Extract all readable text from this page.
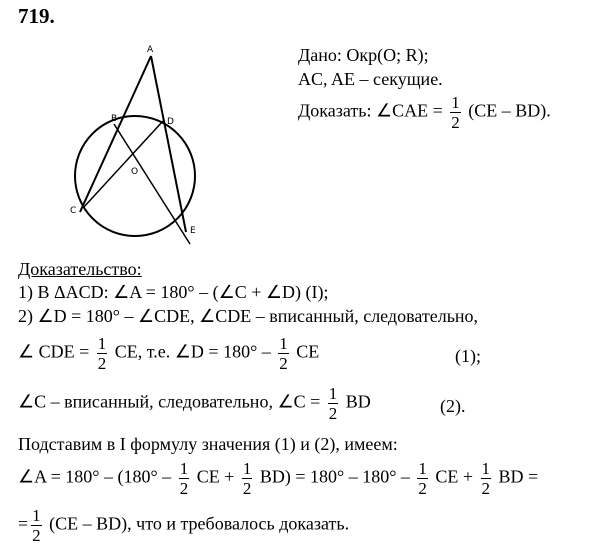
719.
A
B	D
O
C
E
Дано: Окр(O; R);
AC, AE – секущие.
Доказать: ∠CAE = $\frac{1}{2} (CE - BD)$.
Доказательство:
1) В ΔACD: ∠A = 180° – (∠C + ∠D) (I);
2) ∠D = 180° – ∠CDE, ∠CDE – вписанный, следовательно,
∠ CDE = $\frac{1}{2}$ CE, т.е. ∠D = $180^\circ - \frac{1}{2}$ CE	(1);
∠C – вписанный, следовательно, ∠C = $\frac{1}{2}$ BD	(2).
Подставим в I формулу значения (1) и (2), имеем:
∠A = $180^\circ - (180^\circ - \frac{1}{2}$ CE + $\frac{1}{2} BD) = 180^\circ - 180^\circ - \frac{1}{2}$ CE + $\frac{1}{2}$ BD =
= $\frac{1}{2} (CE - BD)$, что и требовалось доказать.
